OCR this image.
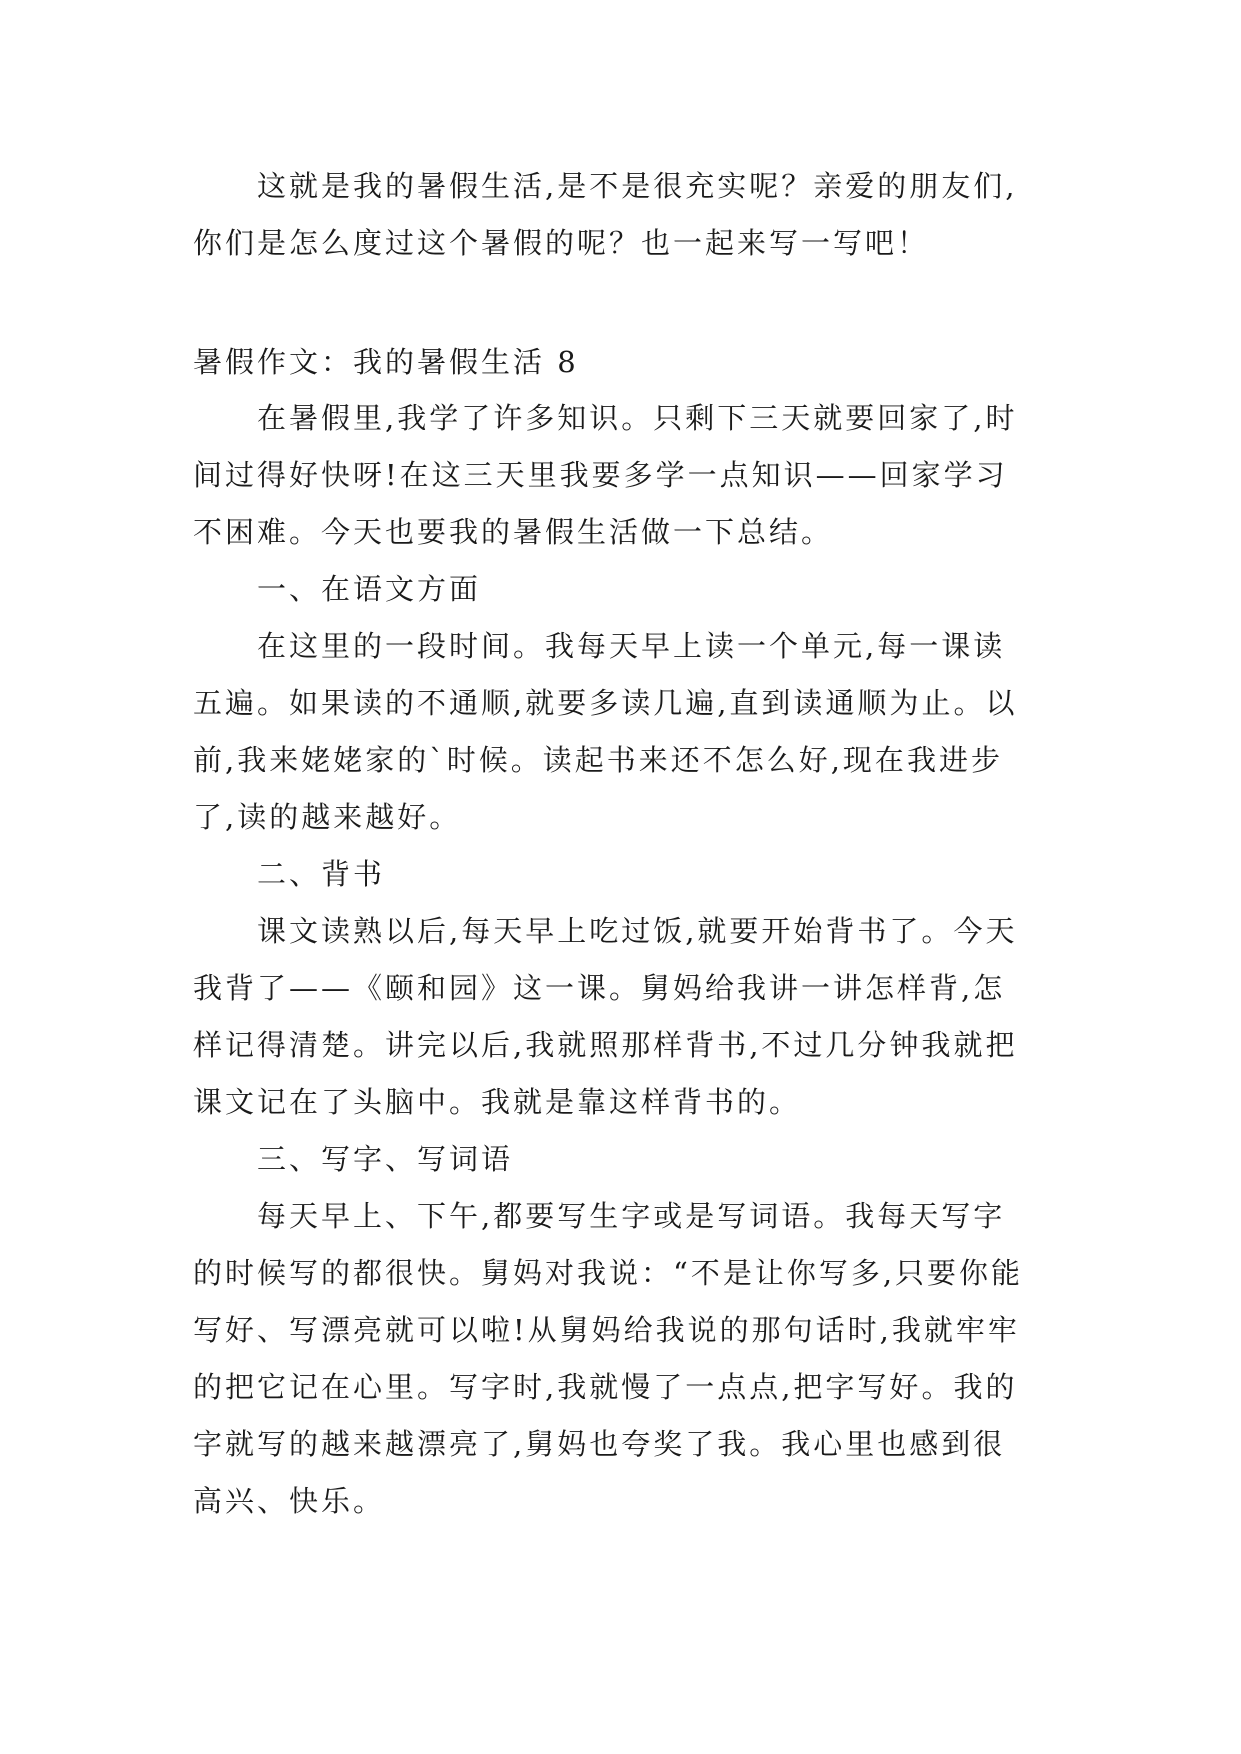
这就是我的暑假生活,是不是很充实呢？亲爱的朋友们,
你们是怎么度过这个暑假的呢？也一起来写一写吧！
暑假作文：我的暑假生活 8
在暑假里,我学了许多知识。只剩下三天就要回家了,时
间过得好快呀!在这三天里我要多学一点知识——回家学习
不困难。今天也要我的暑假生活做一下总结。
一、在语文方面
在这里的一段时间。我每天早上读一个单元,每一课读
五遍。如果读的不通顺,就要多读几遍,直到读通顺为止。以
前,我来姥姥家的`时候。读起书来还不怎么好,现在我进步
了,读的越来越好。
二、背书
课文读熟以后,每天早上吃过饭,就要开始背书了。今天
我背了——《颐和园》这一课。舅妈给我讲一讲怎样背,怎
样记得清楚。讲完以后,我就照那样背书,不过几分钟我就把
课文记在了头脑中。我就是靠这样背书的。
三、写字、写词语
每天早上、下午,都要写生字或是写词语。我每天写字
的时候写的都很快。舅妈对我说：“不是让你写多,只要你能
写好、写漂亮就可以啦!从舅妈给我说的那句话时,我就牢牢
的把它记在心里。写字时,我就慢了一点点,把字写好。我的
字就写的越来越漂亮了,舅妈也夸奖了我。我心里也感到很
高兴、快乐。
